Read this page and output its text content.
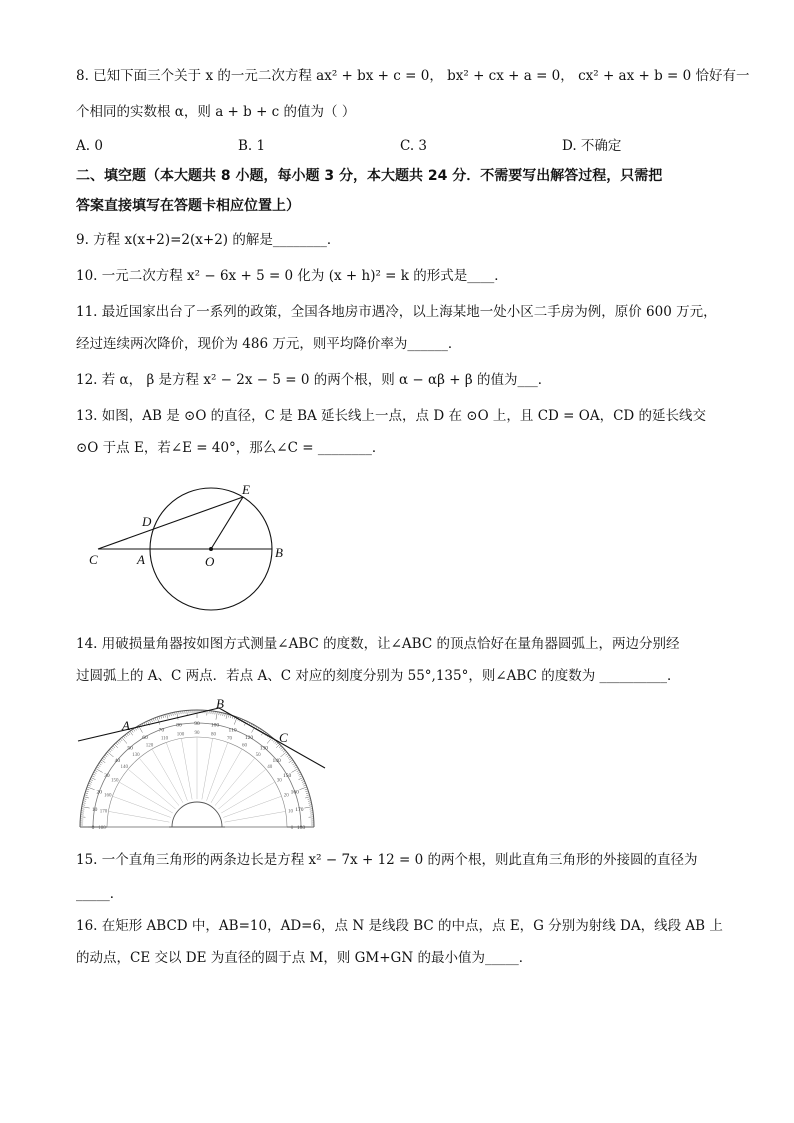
8. 已知下面三个关于 x 的一元二次方程 ax² + bx + c = 0， bx² + cx + a = 0， cx² + ax + b = 0 恰好有一
个相同的实数根 α，则 a + b + c 的值为（ ）
A. 0	B. 1	C. 3	D. 不确定
二、填空题（本大题共 8 小题，每小题 3 分，本大题共 24 分．不需要写出解答过程，只需把
答案直接填写在答题卡相应位置上）
9. 方程 x(x+2)=2(x+2) 的解是________．
10. 一元二次方程 x² − 6x + 5 = 0 化为 (x + h)² = k 的形式是____．
11. 最近国家出台了一系列的政策，全国各地房市遇冷，以上海某地一处小区二手房为例，原价 600 万元，
经过连续两次降价，现价为 486 万元，则平均降价率为______．
12. 若 α， β 是方程 x² − 2x − 5 = 0 的两个根，则 α − αβ + β 的值为___．
13. 如图，AB 是 ⊙O 的直径，C 是 BA 延长线上一点，点 D 在 ⊙O 上，且 CD = OA，CD 的延长线交
⊙O 于点 E，若∠E = 40°，那么∠C = ________．
E
D
C	A	O
B
14. 用破损量角器按如图方式测量∠ABC 的度数，让∠ABC 的顶点恰好在量角器圆弧上，两边分别经
过圆弧上的 A、C 两点．若点 A、C 对应的刻度分别为 55°,135°，则∠ABC 的度数为 __________．
0
10
20
30
40
50
60
70
80 90 100
110
120
130
140
150
160
170
180
180
170
160
150
140
130
120
110
100 90 80
70
60
50
40
30
20
10
0
A
B
C
15. 一个直角三角形的两条边长是方程 x² − 7x + 12 = 0 的两个根，则此直角三角形的外接圆的直径为
_____．
16. 在矩形 ABCD 中，AB=10，AD=6，点 N 是线段 BC 的中点，点 E，G 分别为射线 DA，线段 AB 上
的动点，CE 交以 DE 为直径的圆于点 M，则 GM+GN 的最小值为_____．
